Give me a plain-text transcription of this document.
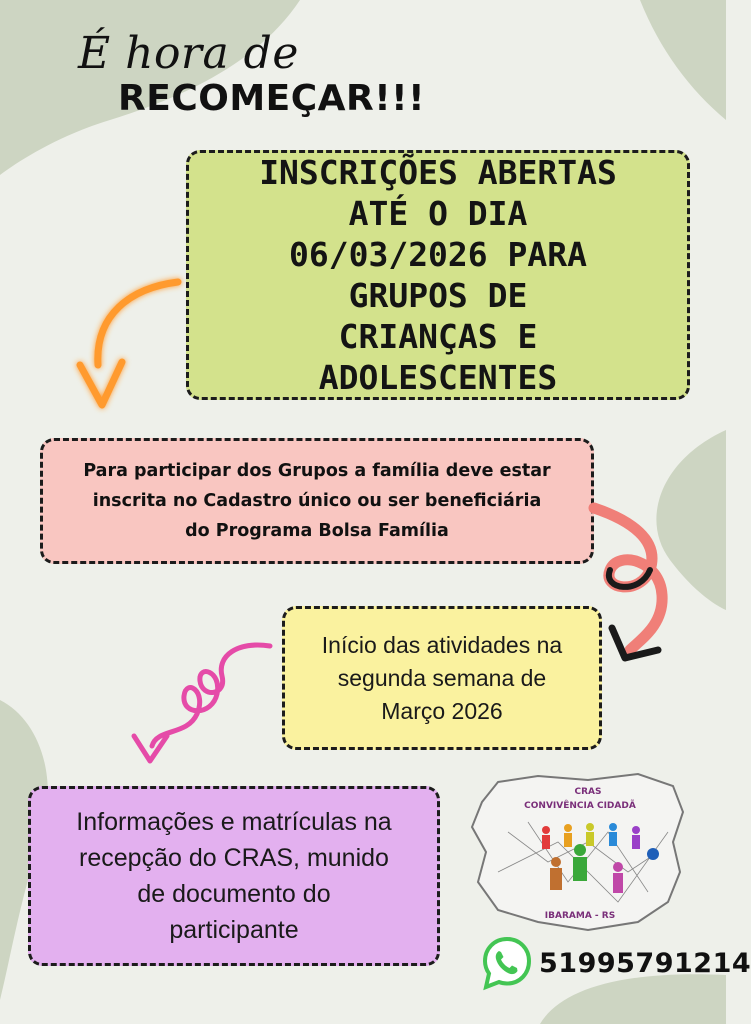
É hora de
RECOMEÇAR!!!
INSCRIÇÕES ABERTAS
ATÉ O DIA
06/03/2026 PARA
GRUPOS DE
CRIANÇAS E
ADOLESCENTES
Para participar dos Grupos a família deve estar
inscrita no Cadastro único ou ser beneficiária
do Programa Bolsa Família
Início das atividades na
segunda semana de
Março 2026
Informações e matrículas na
recepção do CRAS, munido
de documento do
participante
CRAS
CONVIVÊNCIA CIDADÃ
IBARAMA - RS
51995791214
